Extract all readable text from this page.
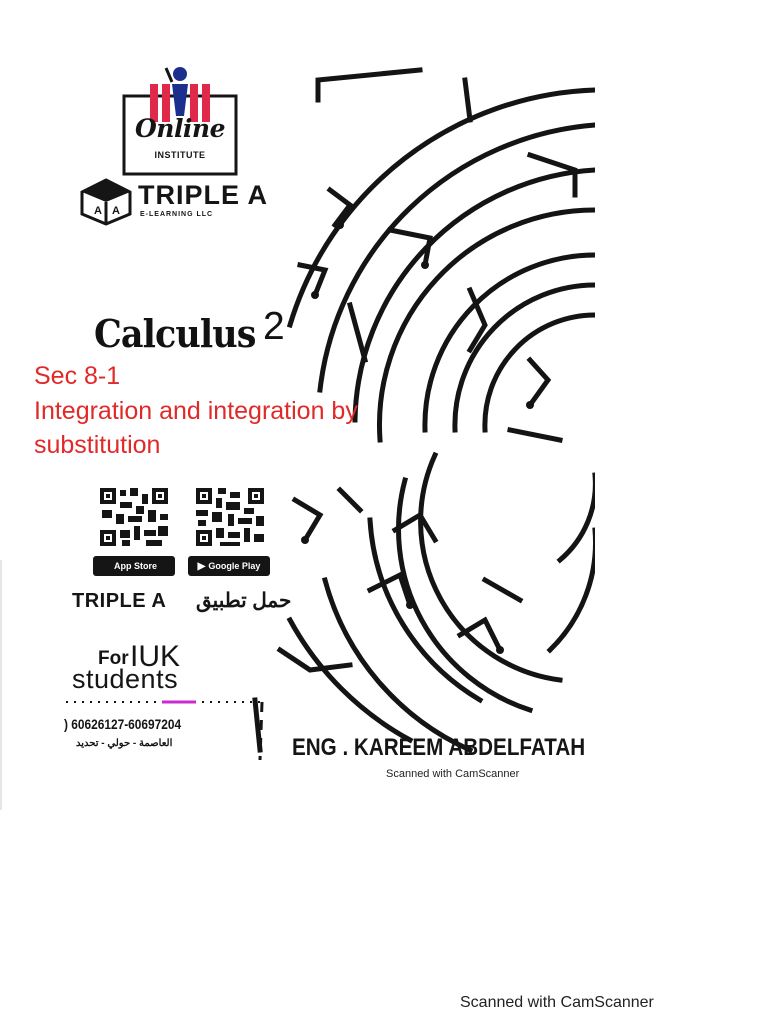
Online
INSTITUTE
A A
TRIPLE A
E-LEARNING LLC
Calculus 2
Sec 8-1
Integration and integration by
substitution
App Store	▶ Google Play
TRIPLE A حمل تطبيق
For IUK
students
) 60626127-60697204
العاصمة - حولي - تحديد	ENG . KAREEM ABDELFATAH
Scanned with CamScanner
Scanned with CamScanner
